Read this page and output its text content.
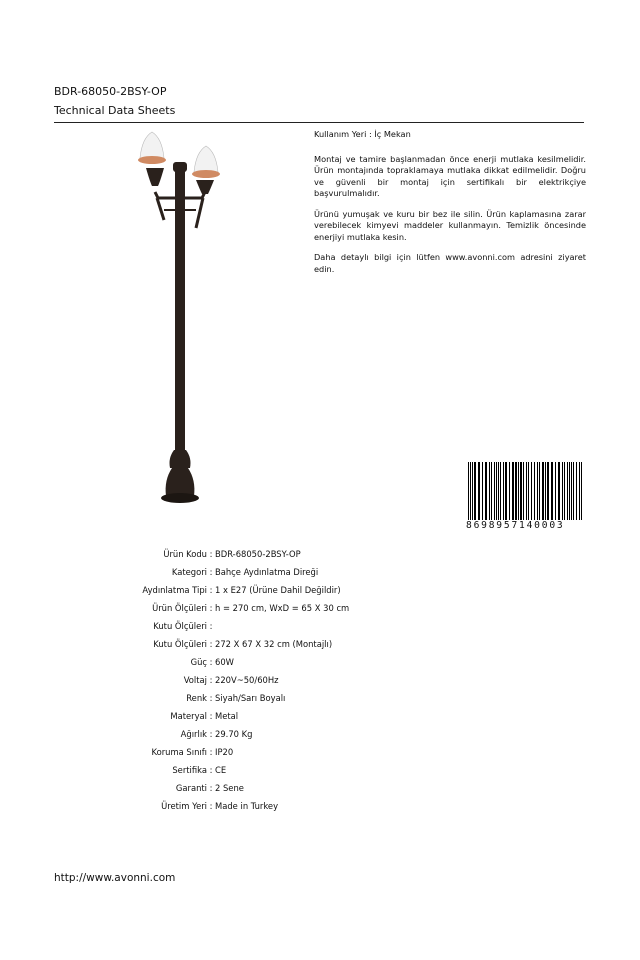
BDR-68050-2BSY-OP
Technical Data Sheets

Kullanım Yeri : İç Mekan

Montaj ve tamire başlanmadan önce enerji mutlaka kesilmelidir. Ürün montajında topraklamaya mutlaka dikkat edilmelidir. Doğru ve güvenli bir montaj için sertifikalı bir elektrikçiye başvurulmalıdır.

Ürünü yumuşak ve kuru bir bez ile silin. Ürün kaplamasına zarar verebilecek kimyevi maddeler kullanmayın. Temizlik öncesinde enerjiyi mutlaka kesin.

Daha detaylı bilgi için lütfen www.avonni.com adresini ziyaret edin.

8698957140003
Ürün Kodu : BDR-68050-2BSY-OP
Kategori : Bahçe Aydınlatma Direği
Aydınlatma Tipi : 1 x E27 (Ürüne Dahil Değildir)
Ürün Ölçüleri : h = 270 cm, WxD = 65 X 30 cm
Kutu Ölçüleri :
Kutu Ölçüleri : 272 X 67 X 32 cm (Montajlı)
Güç : 60W
Voltaj : 220V~50/60Hz
Renk : Siyah/Sarı Boyalı
Materyal : Metal
Ağırlık : 29.70 Kg
Koruma Sınıfı : IP20
Sertifika : CE
Garanti : 2 Sene
Üretim Yeri : Made in Turkey
http://www.avonni.com
